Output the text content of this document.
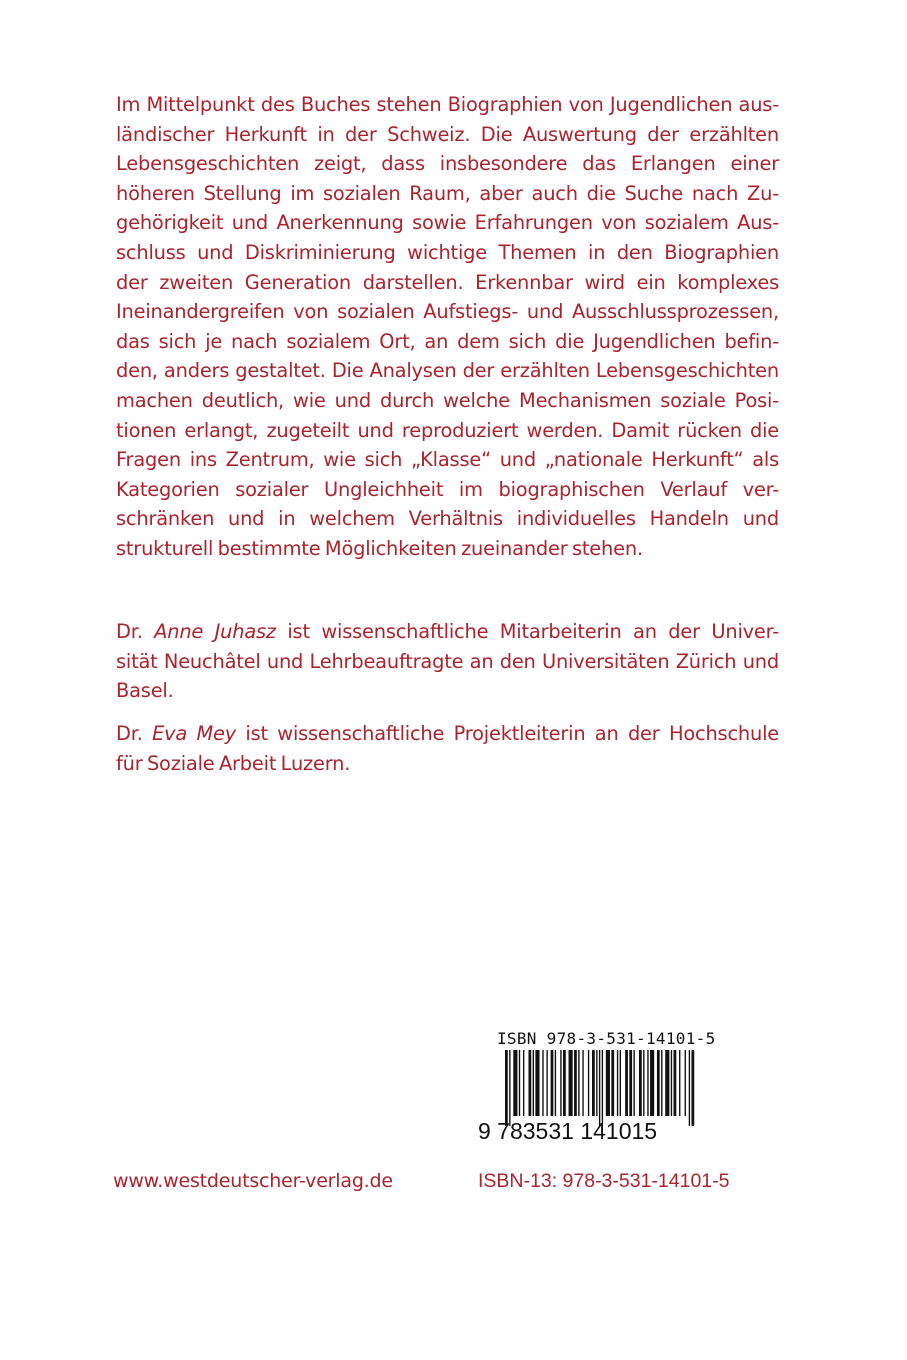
Im Mittelpunkt des Buches stehen Biographien von Jugendlichen aus-
ländischer Herkunft in der Schweiz. Die Auswertung der erzählten
Lebensgeschichten zeigt, dass insbesondere das Erlangen einer
höheren Stellung im sozialen Raum, aber auch die Suche nach Zu-
gehörigkeit und Anerkennung sowie Erfahrungen von sozialem Aus-
schluss und Diskriminierung wichtige Themen in den Biographien
der zweiten Generation darstellen. Erkennbar wird ein komplexes
Ineinandergreifen von sozialen Aufstiegs- und Ausschlussprozessen,
das sich je nach sozialem Ort, an dem sich die Jugendlichen befin-
den, anders gestaltet. Die Analysen der erzählten Lebensgeschichten
machen deutlich, wie und durch welche Mechanismen soziale Posi-
tionen erlangt, zugeteilt und reproduziert werden. Damit rücken die
Fragen ins Zentrum, wie sich „Klasse“ und „nationale Herkunft“ als
Kategorien sozialer Ungleichheit im biographischen Verlauf ver-
schränken und in welchem Verhältnis individuelles Handeln und
strukturell bestimmte Möglichkeiten zueinander stehen.
Dr. Anne Juhasz ist wissenschaftliche Mitarbeiterin an der Univer-
sität Neuchâtel und Lehrbeauftragte an den Universitäten Zürich und
Basel.
Dr. Eva Mey ist wissenschaftliche Projektleiterin an der Hochschule
für Soziale Arbeit Luzern.
ISBN 978-3-531-14101-5
9 783531 141015
www.westdeutscher-verlag.de	ISBN-13: 978-3-531-14101-5
